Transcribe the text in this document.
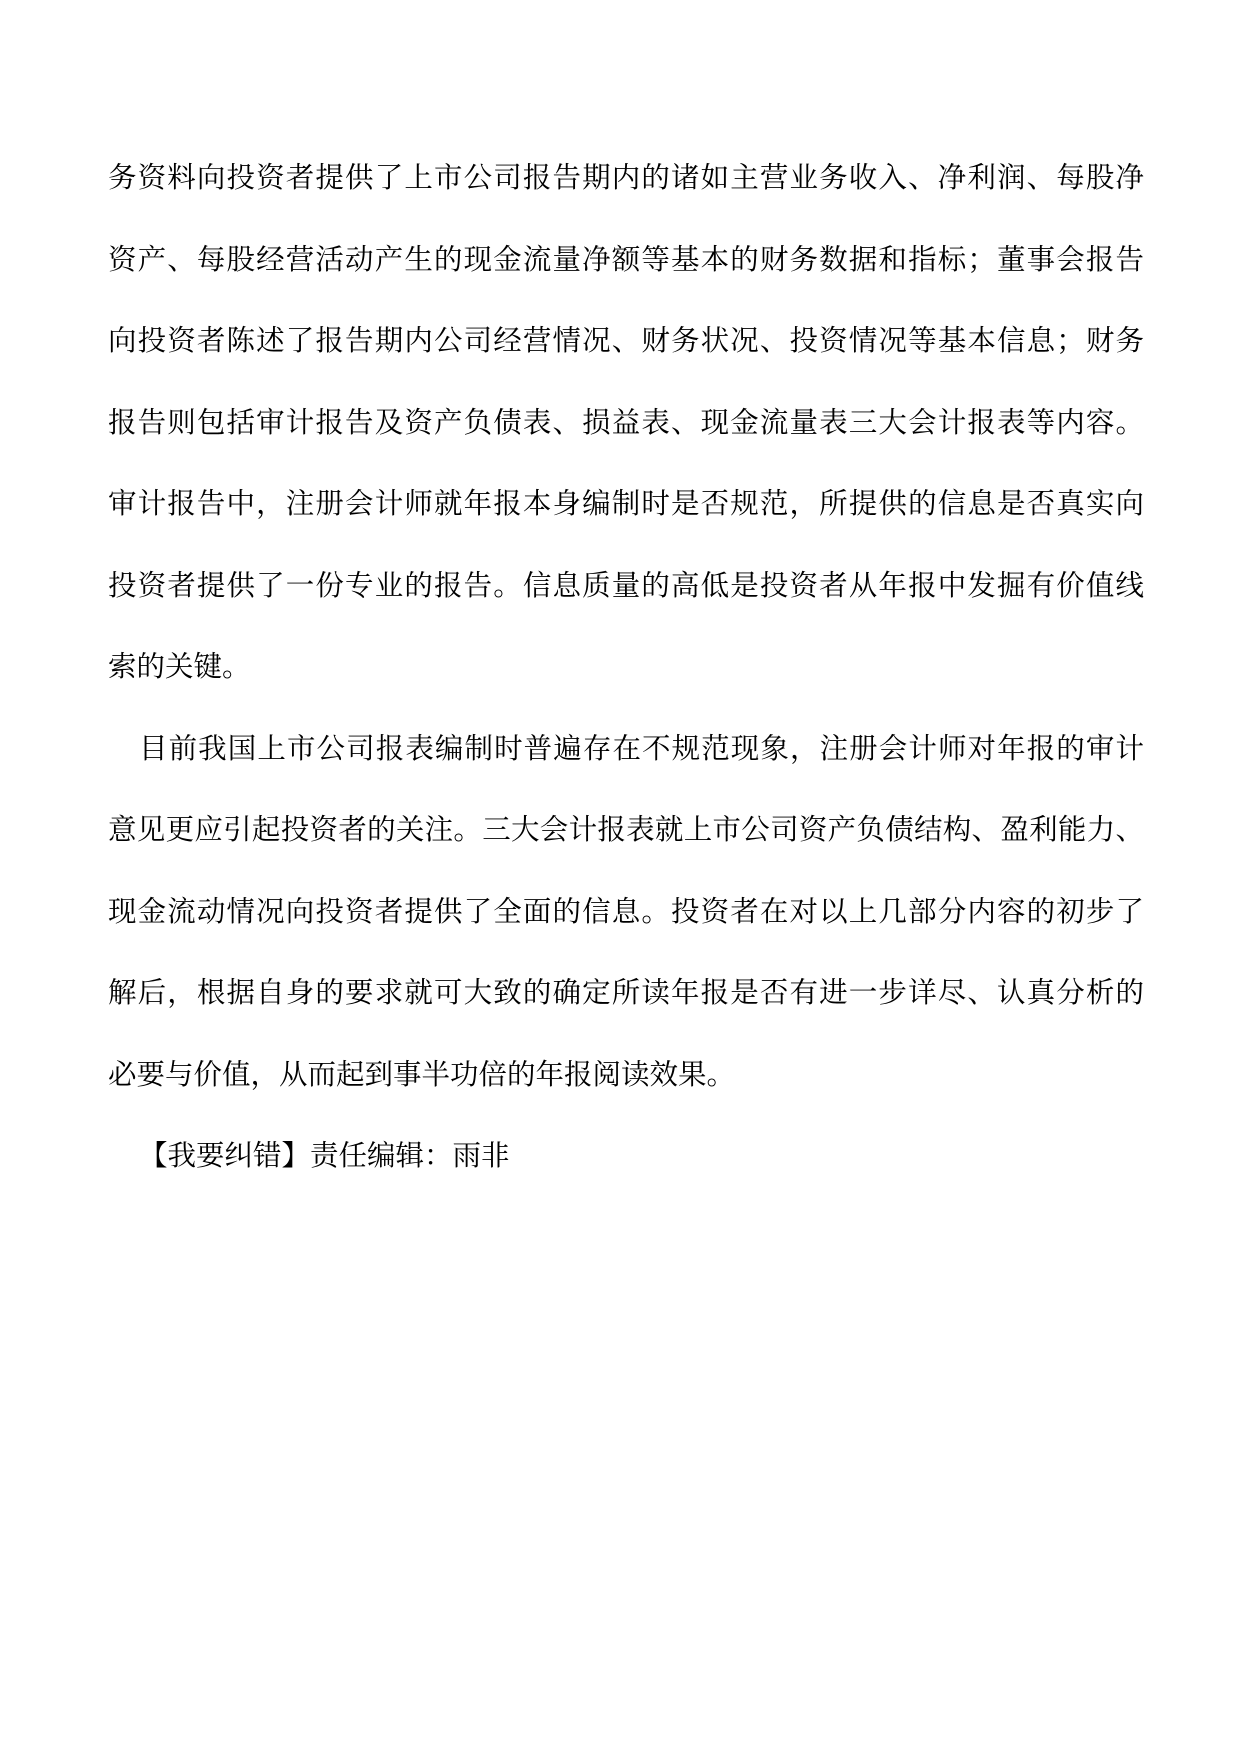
务资料向投资者提供了上市公司报告期内的诸如主营业务收入、净利润、每股净
资产、每股经营活动产生的现金流量净额等基本的财务数据和指标；董事会报告
向投资者陈述了报告期内公司经营情况、财务状况、投资情况等基本信息；财务
报告则包括审计报告及资产负债表、损益表、现金流量表三大会计报表等内容。
审计报告中，注册会计师就年报本身编制时是否规范，所提供的信息是否真实向
投资者提供了一份专业的报告。信息质量的高低是投资者从年报中发掘有价值线
索的关键。
目前我国上市公司报表编制时普遍存在不规范现象，注册会计师对年报的审计
意见更应引起投资者的关注。三大会计报表就上市公司资产负债结构、盈利能力、
现金流动情况向投资者提供了全面的信息。投资者在对以上几部分内容的初步了
解后，根据自身的要求就可大致的确定所读年报是否有进一步详尽、认真分析的
必要与价值，从而起到事半功倍的年报阅读效果。
【我要纠错】责任编辑：雨非
